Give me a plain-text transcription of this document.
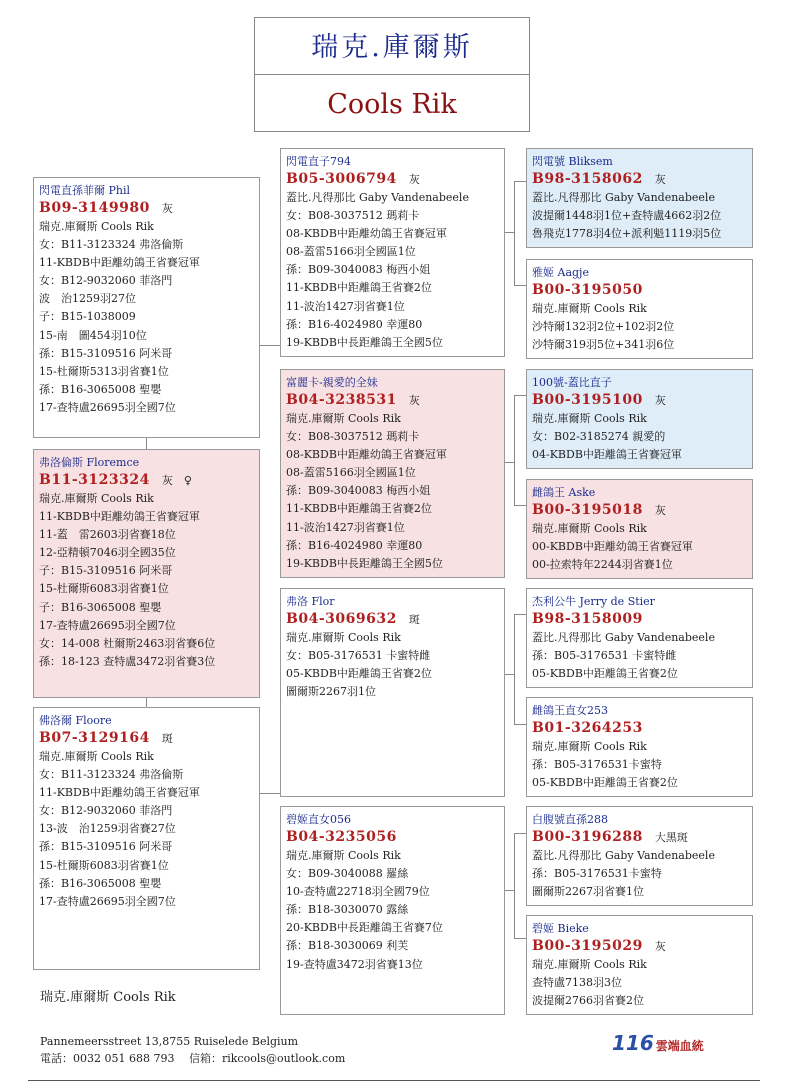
瑞克.庫爾斯
Cools Rik
閃電直孫菲爾 Phil
B09-3149980 灰
瑞克.庫爾斯 Cools Rik
女：B11-3123324 弗洛倫斯
11-KBDB中距離幼鴿王省賽冠軍
女：B12-9032060 菲洛門
波　治1259羽27位
子：B15-1038009
15-南　圖454羽10位
孫：B15-3109516 阿米哥
15-杜爾斯5313羽省賽1位
孫：B16-3065008 聖嬰
17-查特盧26695羽全國7位
弗洛倫斯 Floremce
B11-3123324 灰　♀
瑞克.庫爾斯 Cools Rik
11-KBDB中距離幼鴿王省賽冠軍
11-蓋　雷2603羽省賽18位
12-亞精頓7046羽全國35位
子：B15-3109516 阿米哥
15-杜爾斯6083羽省賽1位
子：B16-3065008 聖嬰
17-查特盧26695羽全國7位
女：14-008 杜爾斯2463羽省賽6位
孫：18-123 查特盧3472羽省賽3位
佛洛爾 Floore
B07-3129164 斑
瑞克.庫爾斯 Cools Rik
女：B11-3123324 弗洛倫斯
11-KBDB中距離幼鴿王省賽冠軍
女：B12-9032060 菲洛門
13-波　治1259羽省賽27位
孫：B15-3109516 阿米哥
15-杜爾斯6083羽省賽1位
孫：B16-3065008 聖嬰
17-查特盧26695羽全國7位
閃電直子794
B05-3006794 灰
蓋比.凡得那比 Gaby Vandenabeele
女：B08-3037512 瑪莉卡
08-KBDB中距離幼鴿王省賽冠軍
08-蓋雷5166羽全國區1位
孫：B09-3040083 梅西小姐
11-KBDB中距離鴿王省賽2位
11-波治1427羽省賽1位
孫：B16-4024980 幸運80
19-KBDB中長距離鴿王全國5位
富麗卡-親愛的全妹
B04-3238531 灰
瑞克.庫爾斯 Cools Rik
女：B08-3037512 瑪莉卡
08-KBDB中距離幼鴿王省賽冠軍
08-蓋雷5166羽全國區1位
孫：B09-3040083 梅西小姐
11-KBDB中距離鴿王省賽2位
11-波治1427羽省賽1位
孫：B16-4024980 幸運80
19-KBDB中長距離鴿王全國5位
弗洛 Flor
B04-3069632 斑
瑞克.庫爾斯 Cools Rik
女：B05-3176531 卡蜜特雌
05-KBDB中距離鴿王省賽2位
圖爾斯2267羽1位
碧姬直女056
B04-3235056
瑞克.庫爾斯 Cools Rik
女：B09-3040088 羅絲
10-查特盧22718羽全國79位
孫：B18-3030070 露絲
20-KBDB中長距離鴿王省賽7位
孫：B18-3030069 利芙
19-查特盧3472羽省賽13位
閃電號 Bliksem
B98-3158062 灰
蓋比.凡得那比 Gaby Vandenabeele
波提爾1448羽1位+查特盧4662羽2位
魯飛克1778羽4位+派利魁1119羽5位
雅姬 Aagje
B00-3195050
瑞克.庫爾斯 Cools Rik
沙特爾132羽2位+102羽2位
沙特爾319羽5位+341羽6位
100號-蓋比直子
B00-3195100 灰
瑞克.庫爾斯 Cools Rik
女：B02-3185274 親愛的
04-KBDB中距離鴿王省賽冠軍
雌鴿王 Aske
B00-3195018 灰
瑞克.庫爾斯 Cools Rik
00-KBDB中距離幼鴿王省賽冠軍
00-拉索特年2244羽省賽1位
杰利公牛 Jerry de Stier
B98-3158009
蓋比.凡得那比 Gaby Vandenabeele
孫：B05-3176531 卡蜜特雌
05-KBDB中距離鴿王省賽2位
雌鴿王直女253
B01-3264253
瑞克.庫爾斯 Cools Rik
孫：B05-3176531卡蜜特
05-KBDB中距離鴿王省賽2位
白腹號直孫288
B00-3196288 大黑斑
蓋比.凡得那比 Gaby Vandenabeele
孫：B05-3176531卡蜜特
圖爾斯2267羽省賽1位
碧姬 Bieke
B00-3195029 灰
瑞克.庫爾斯 Cools Rik
查特盧7138羽3位
波提爾2766羽省賽2位
瑞克.庫爾斯 Cools Rik
Pannemeersstreet 13,8755 Ruiselede Belgium
電話：0032 051 688 793　 信箱：rikcools@outlook.com
116 雲端血統
